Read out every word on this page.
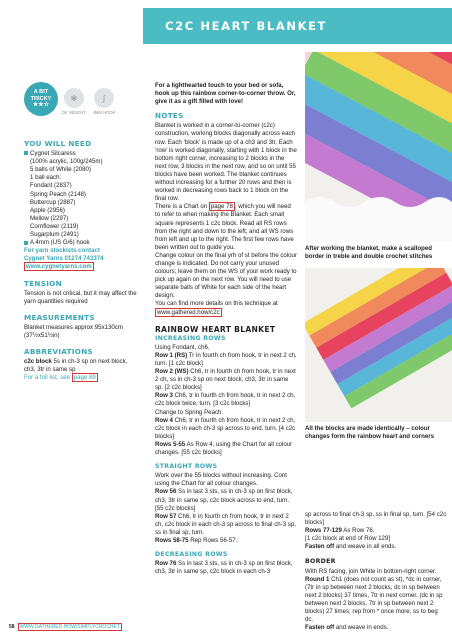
C2C HEART BLANKET
A BIT TRICKY
★★☆
✻
DK WEIGHT
∫
4MM HOOK
YOU WILL NEED

Cygnet Silcaress

(100% acrylic, 100g/245m)

5 balls of White (2080)

1 ball each:

Fondant (2837)

Spring Peach (2148)

Buttercup (2887)

Apple (2956)

Mellow (2297)

Cornflower (2119)

Sugarplum (2491)

A 4mm (US G/6) hook

For yarn stockists contact

Cygnet Yarns 01274 743374

www.cygnetyarns.com

TENSION

Tension is not critical, but it may affect the yarn quantities required

MEASUREMENTS

Blanket measures approx 95x130cm (37½x51½in)

ABBREVIATIONS

c2c block 5s in ch-3 sp on next block, ch3, 3tr in same sp

For a full list, see page 89

For a lighthearted touch to your bed or sofa, hook up this rainbow corner-to-corner throw. Or, give it as a gift filled with love!

NOTES

Blanket is worked in a corner-to-corner (c2c) construction, working blocks diagonally across each row. Each ‘block’ is made up of a ch3 and 3tr. Each ‘row’ is worked diagonally, starting with 1 block in the bottom right corner, increasing to 2 blocks in the next row, 3 blocks in the next row, and so on until 55 blocks have been worked. The blanket continues without increasing for a further 20 rows and then is worked in decreasing rows back to 1 block on the final row.

There is a Chart on page 78 , which you will need to refer to when making the Blanket. Each small square represents 1 c2c block. Read all RS rows from the right and down to the left, and all WS rows from left and up to the right. The first few rows have been written out to guide you.

Change colour on the final yrh of st before the colour change is indicated. Do not carry your unused colours; leave them on the WS of your work ready to pick up again on the next row. You will need to use separate balls of White for each side of the heart design.

You can find more details on this technique at

www.gathered.how/c2c

RAINBOW HEART BLANKET
INCREASING ROWS

Using Fondant, ch6.

Row 1 (RS) Tr in fourth ch from hook, tr in next 2 ch, turn. [1 c2c block]

Row 2 (WS) Ch6, tr in fourth ch from hook, tr in next 2 ch, ss in ch-3 sp on next block, ch3, 3tr in same sp. [2 c2c blocks]

Row 3 Ch6, tr in fourth ch from hook, tr in next 2 ch, c2c block twice, turn. [3 c2c blocks]

Change to Spring Peach.

Row 4 Ch6, tr in fourth ch from hook, tr in next 2 ch, c2c block in each ch-3 sp across to end, turn. [4 c2c blocks]

Rows 5-55 As Row 4, using the Chart for all colour changes. [55 c2c blocks]

STRAIGHT ROWS

Work over the 55 blocks without increasing. Cont using the Chart for all colour changes.

Row 56 Ss in last 3 sts, ss in ch-3 sp on first block, ch3, 3tr in same sp, c2c block across to end, turn. [55 c2c blocks]

Row 57 Ch6, tr in fourth ch from hook, tr in next 2 ch, c2c block in each ch-3 sp across to final ch-3 sp, ss in final sp, turn.

Rows 58-75 Rep Rows 56-57.

DECREASING ROWS

Row 76 Ss in last 3 sts, ss in ch-3 sp on first block, ch3, 3tr in same sp, c2c block in each ch-3

After working the blanket, make a scalloped border in treble and double crochet stitches
All the blocks are made identically – colour changes form the rainbow heart and corners

sp across to final ch-3 sp, ss in final sp, turn. [54 c2c blocks]

Rows 77-129 As Row 76.

[1 c2c block at end of Row 129]

Fasten off and weave in all ends.

BORDER

With RS facing, join White in bottom-right corner.

Round 1 Ch1 (does not count as st), *dc in corner, (7tr in sp between next 2 blocks, dc in sp between next 2 blocks) 37 times, 7tr in next corner, (dc in sp between next 2 blocks, 7tr in sp between next 2 blocks) 27 times; rep from * once more, ss to beg dc.

Fasten off and weave in ends.

58 WWW.GATHERED.HOW/SIMPLYCROCHET
